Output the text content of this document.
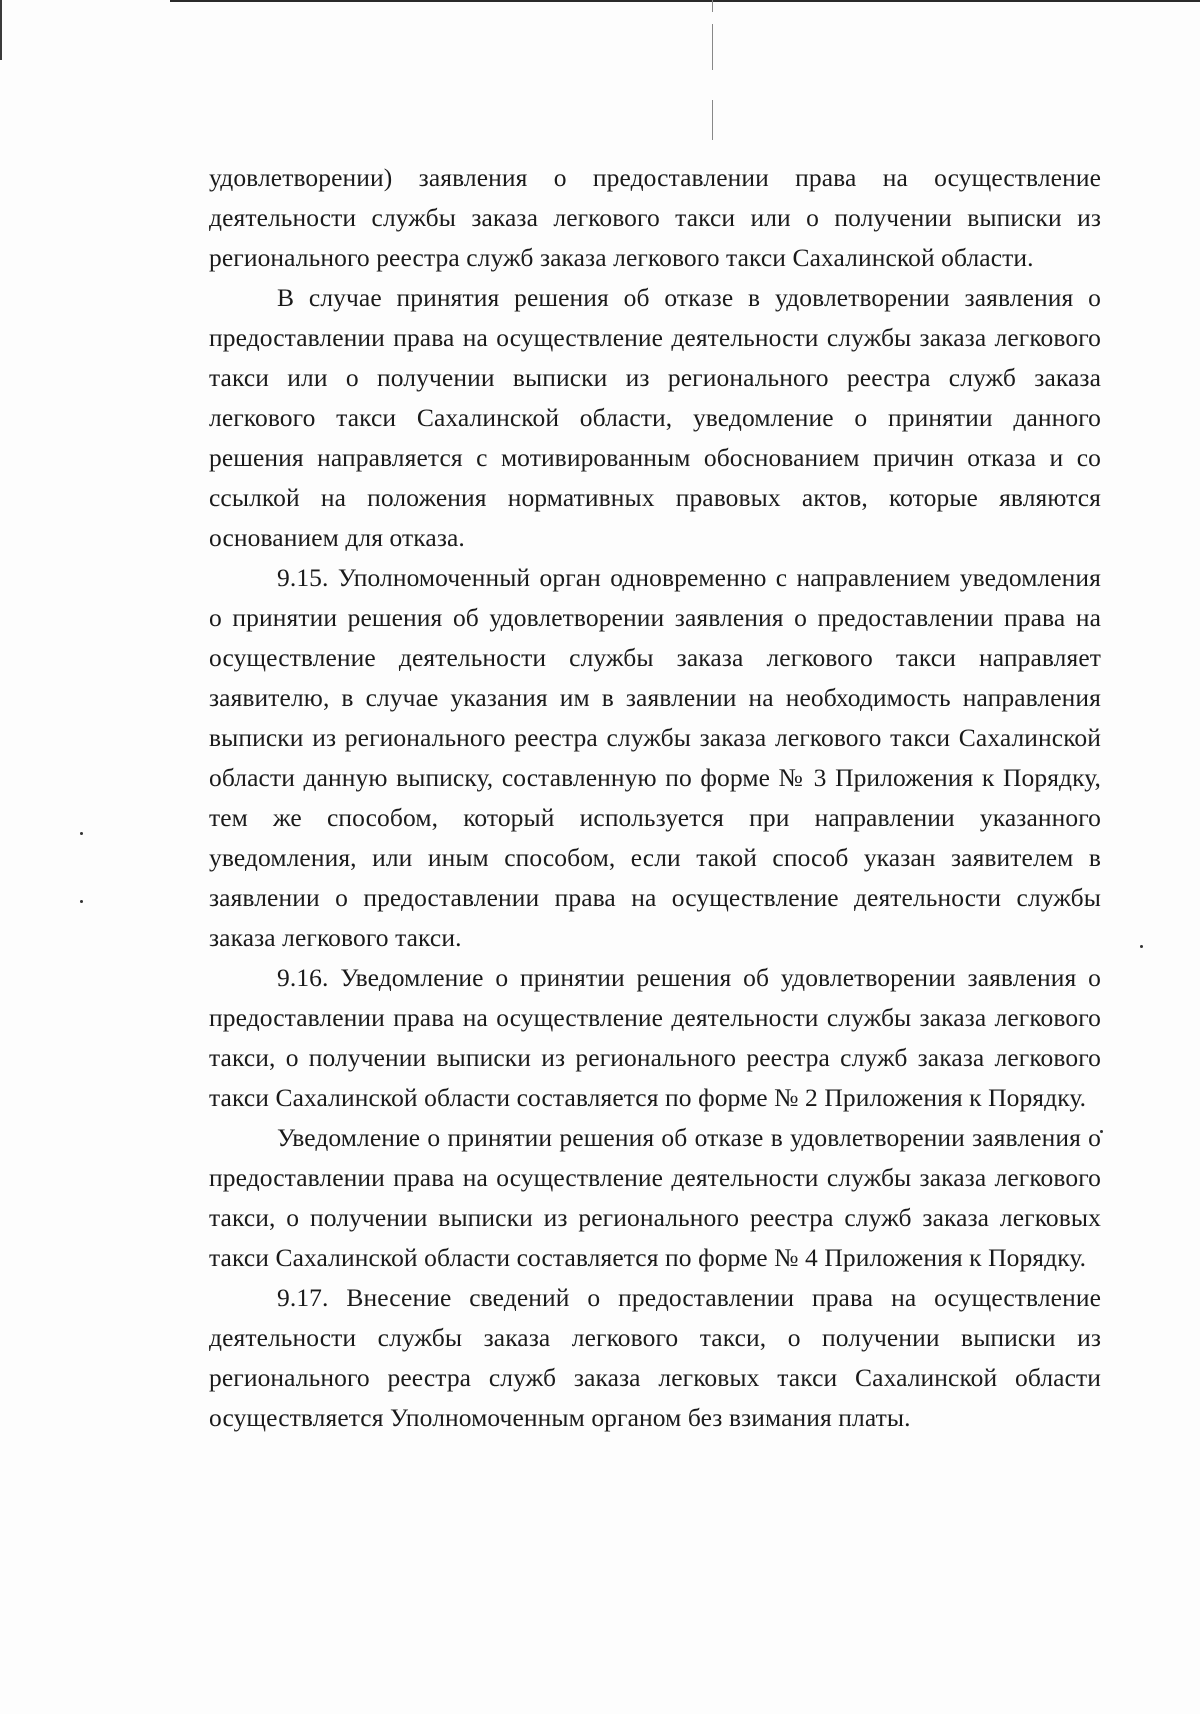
удовлетворении) заявления о предоставлении права на осуществление деятельности службы заказа легкового такси или о получении выписки из регионального реестра служб заказа легкового такси Сахалинской области.

В случае принятия решения об отказе в удовлетворении заявления о предоставлении права на осуществление деятельности службы заказа легкового такси или о получении выписки из регионального реестра служб заказа легкового такси Сахалинской области, уведомление о принятии данного решения направляется с мотивированным обоснованием причин отказа и со ссылкой на положения нормативных правовых актов, которые являются основанием для отказа.

9.15. Уполномоченный орган одновременно с направлением уведомления о принятии решения об удовлетворении заявления о предоставлении права на осуществление деятельности службы заказа легкового такси направляет заявителю, в случае указания им в заявлении на необходимость направления выписки из регионального реестра службы заказа легкового такси Сахалинской области данную выписку, составленную по форме № 3 Приложения к Порядку, тем же способом, который используется при направлении указанного уведомления, или иным способом, если такой способ указан заявителем в заявлении о предоставлении права на осуществление деятельности службы заказа легкового такси.

9.16. Уведомление о принятии решения об удовлетворении заявления о предоставлении права на осуществление деятельности службы заказа легкового такси, о получении выписки из регионального реестра служб заказа легкового такси Сахалинской области составляется по форме № 2 Приложения к Порядку.

Уведомление о принятии решения об отказе в удовлетворении заявления о предоставлении права на осуществление деятельности службы заказа легкового такси, о получении выписки из регионального реестра служб заказа легковых такси Сахалинской области составляется по форме № 4 Приложения к Порядку.

9.17. Внесение сведений о предоставлении права на осуществление деятельности службы заказа легкового такси, о получении выписки из регионального реестра служб заказа легковых такси Сахалинской области осуществляется Уполномоченным органом без взимания платы.
